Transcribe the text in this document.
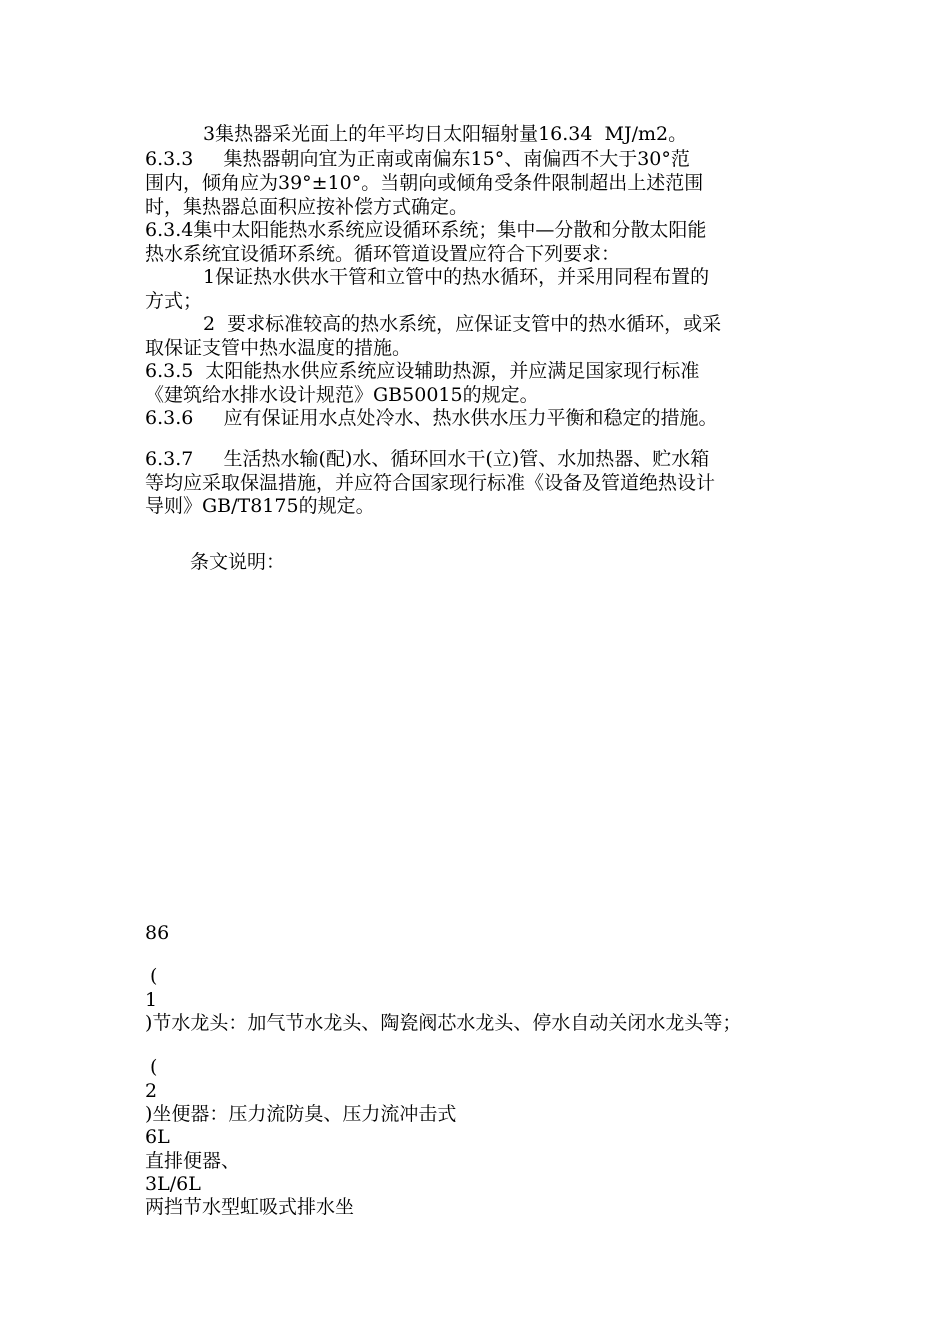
3集热器采光面上的年平均日太阳辐射量16.34  MJ/m2。

6.3.3     集热器朝向宜为正南或南偏东15°、南偏西不大于30°范

围内，倾角应为39°±10°。当朝向或倾角受条件限制超出上述范围

时，集热器总面积应按补偿方式确定。

6.3.4集中太阳能热水系统应设循环系统；集中—分散和分散太阳能

热水系统宜设循环系统。循环管道设置应符合下列要求：

1保证热水供水干管和立管中的热水循环，并采用同程布置的

方式；

2  要求标准较高的热水系统，应保证支管中的热水循环，或采

取保证支管中热水温度的措施。

6.3.5  太阳能热水供应系统应设辅助热源，并应满足国家现行标准

《建筑给水排水设计规范》GB50015的规定。

6.3.6     应有保证用水点处冷水、热水供水压力平衡和稳定的措施。

6.3.7     生活热水输(配)水、循环回水干(立)管、水加热器、贮水箱

等均应采取保温措施，并应符合国家现行标准《设备及管道绝热设计

导则》GB/T8175的规定。

条文说明：

86

(

1

)节水龙头：加气节水龙头、陶瓷阀芯水龙头、停水自动关闭水龙头等；

(

2

)坐便器：压力流防臭、压力流冲击式

6L

直排便器、

3L/6L

两挡节水型虹吸式排水坐
